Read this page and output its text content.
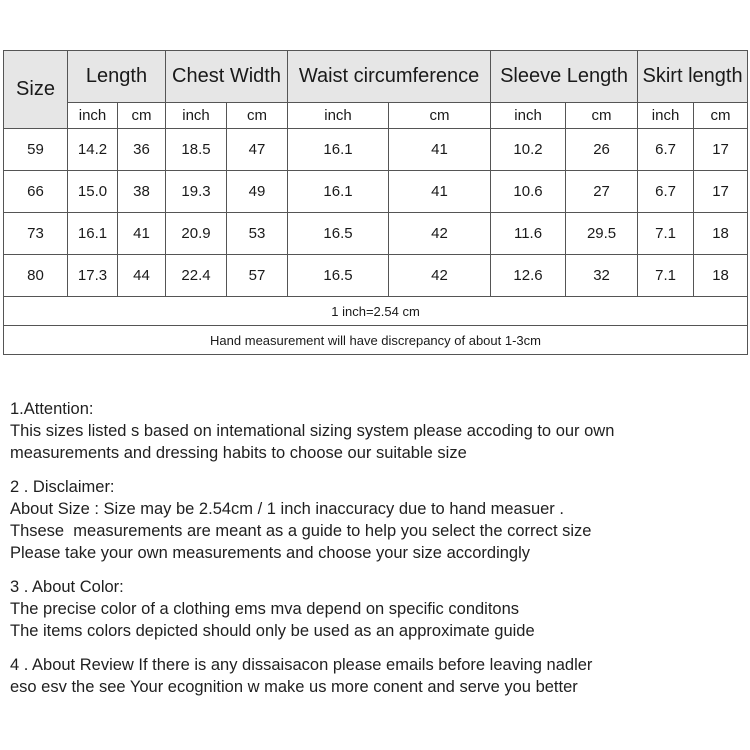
Size	Length		Chest Width		Waist circumference		Sleeve Length		Skirt length	
	inch	cm	inch	cm	inch	cm	inch	cm	inch	cm
59	14.2	36	18.5	47	16.1	41	10.2	26	6.7	17
66	15.0	38	19.3	49	16.1	41	10.6	27	6.7	17
73	16.1	41	20.9	53	16.5	42	11.6	29.5	7.1	18
80	17.3	44	22.4	57	16.5	42	12.6	32	7.1	18
1 inch=2.54 cm										
Hand measurement will have discrepancy of about 1-3cm										

1.Attention:

This sizes listed s based on intemational sizing system please accoding to our own

measurements and dressing habits to choose our suitable size

2 . Disclaimer:

About Size : Size may be 2.54cm / 1 inch inaccuracy due to hand measuer .

Thsese  measurements are meant as a guide to help you select the correct size

Please take your own measurements and choose your size accordingly

3 . About Color:

The precise color of a clothing ems mva depend on specific conditons

The items colors depicted should only be used as an approximate guide

4 . About Review If there is any dissaisacon please emails before leaving nadler

eso esv the see Your ecognition w make us more conent and serve you better
